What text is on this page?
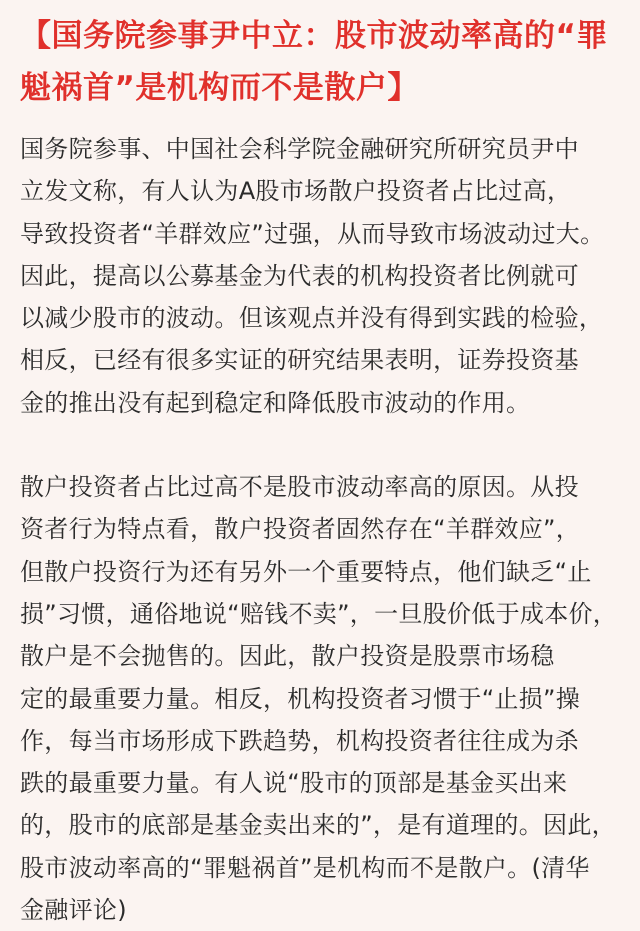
【国务院参事尹中立：股市波动率高的“罪
魁祸首”是机构而不是散户】

国务院参事、中国社会科学院金融研究所研究员尹中
立发文称，有人认为A股市场散户投资者占比过高，
导致投资者“羊群效应”过强，从而导致市场波动过大。
因此，提高以公募基金为代表的机构投资者比例就可
以减少股市的波动。但该观点并没有得到实践的检验，
相反，已经有很多实证的研究结果表明，证券投资基
金的推出没有起到稳定和降低股市波动的作用。

散户投资者占比过高不是股市波动率高的原因。从投
资者行为特点看，散户投资者固然存在“羊群效应”，
但散户投资行为还有另外一个重要特点，他们缺乏“止
损”习惯，通俗地说“赔钱不卖”，一旦股价低于成本价，
散户是不会抛售的。因此，散户投资是股票市场稳
定的最重要力量。相反，机构投资者习惯于“止损”操
作，每当市场形成下跌趋势，机构投资者往往成为杀
跌的最重要力量。有人说“股市的顶部是基金买出来
的，股市的底部是基金卖出来的”，是有道理的。因此，
股市波动率高的“罪魁祸首”是机构而不是散户。(清华
金融评论)
